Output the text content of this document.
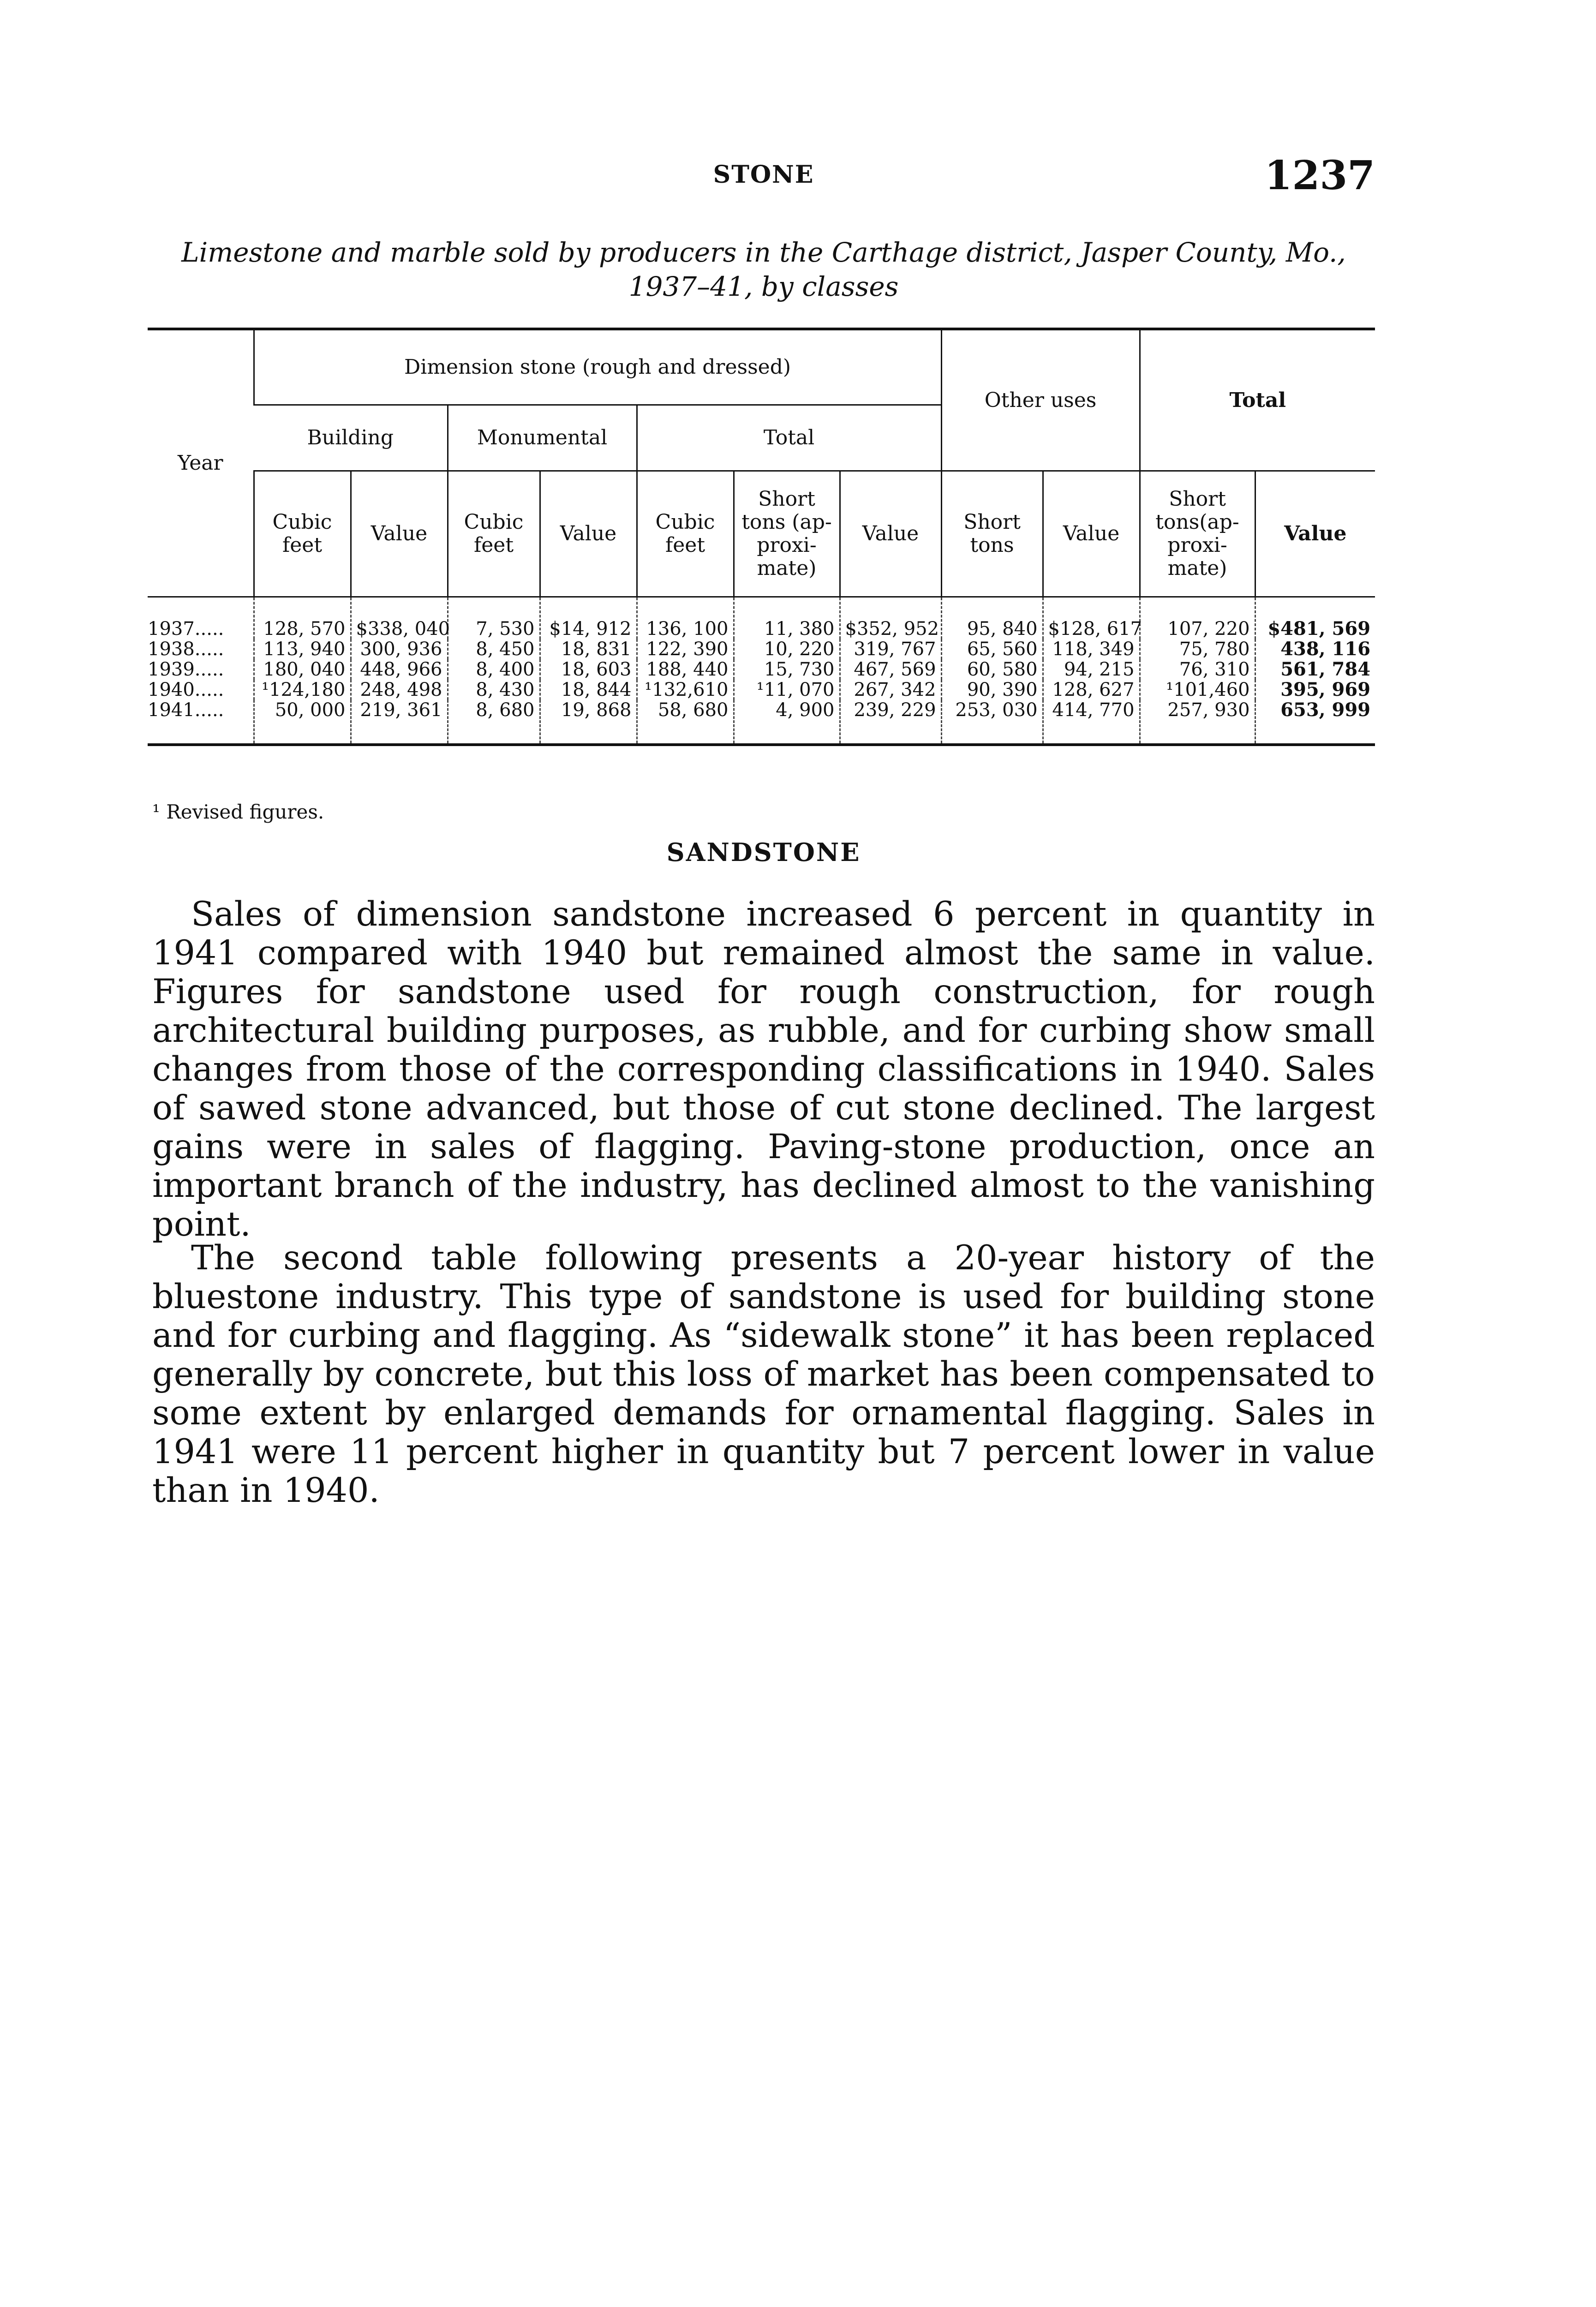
STONE	1237
Limestone and marble sold by producers in the Carthage district, Jasper County, Mo.,
1937–41, by classes
Year	Dimension stone (rough and dressed)							Other uses		Total	
	Building		Monumental		Total						
	Cubic feet	Value	Cubic feet	Value	Cubic feet	Short tons (ap-proxi-mate)	Value	Short tons	Value	Short tons(ap-proxi-mate)	Value
1937.....	128, 570	$338, 040	7, 530	$14, 912	136, 100	11, 380	$352, 952	95, 840	$128, 617	107, 220	$481, 569
1938.....	113, 940	300, 936	8, 450	18, 831	122, 390	10, 220	319, 767	65, 560	118, 349	75, 780	438, 116
1939.....	180, 040	448, 966	8, 400	18, 603	188, 440	15, 730	467, 569	60, 580	94, 215	76, 310	561, 784
1940.....	¹124,180	248, 498	8, 430	18, 844	¹132,610	¹11, 070	267, 342	90, 390	128, 627	¹101,460	395, 969
1941.....	50, 000	219, 361	8, 680	19, 868	58, 680	4, 900	239, 229	253, 030	414, 770	257, 930	653, 999
¹ Revised figures.
SANDSTONE

Sales of dimension sandstone increased 6 percent in quantity in 1941 compared with 1940 but remained almost the same in value. Figures for sandstone used for rough construction, for rough architectural building purposes, as rubble, and for curbing show small changes from those of the corresponding classifications in 1940. Sales of sawed stone advanced, but those of cut stone declined. The largest gains were in sales of flagging. Paving-stone production, once an important branch of the industry, has declined almost to the vanishing point.

The second table following presents a 20-year history of the bluestone industry. This type of sandstone is used for building stone and for curbing and flagging. As “sidewalk stone” it has been replaced generally by concrete, but this loss of market has been compensated to some extent by enlarged demands for ornamental flagging. Sales in 1941 were 11 percent higher in quantity but 7 percent lower in value than in 1940.
